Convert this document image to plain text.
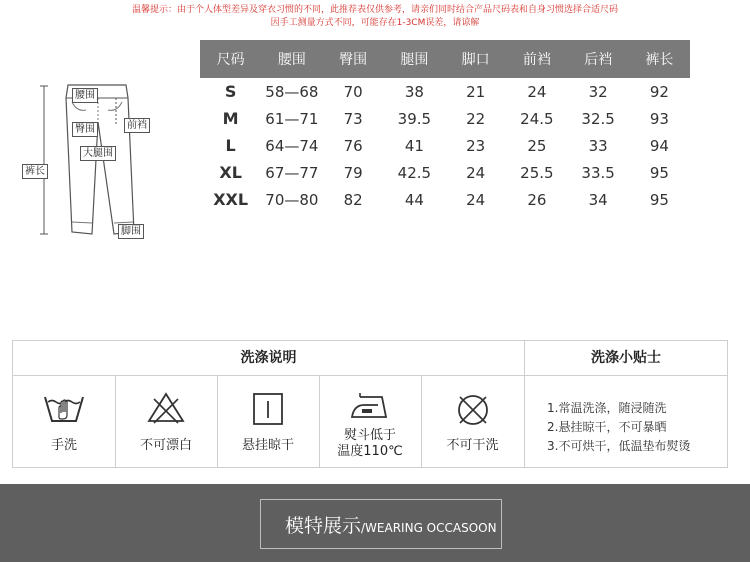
温馨提示：由于个人体型差异及穿衣习惯的不同，此推荐表仅供参考，请亲们同时结合产品尺码表和自身习惯选择合适尺码
因手工测量方式不同，可能存在1-3CM误差，请谅解
腰围
臀围	前裆
大腿围
裤长
脚围
尺码	腰围	臀围	腿围	脚口	前裆	后裆	裤长
S	58—68	70	38	21	24	32	92
M	61—71	73	39.5	22	24.5	32.5	93
L	64—74	76	41	23	25	33	94
XL	67—77	79	42.5	24	25.5	33.5	95
XXL	70—80	82	44	24	26	34	95
洗涤说明	洗涤小贴士
手洗	不可漂白	悬挂晾干
熨斗低于
温度110℃	不可干洗
1.常温洗涤，随浸随洗
2.悬挂晾干，不可暴晒
3.不可烘干，低温垫布熨烫
模特展示/WEARING OCCASOON
